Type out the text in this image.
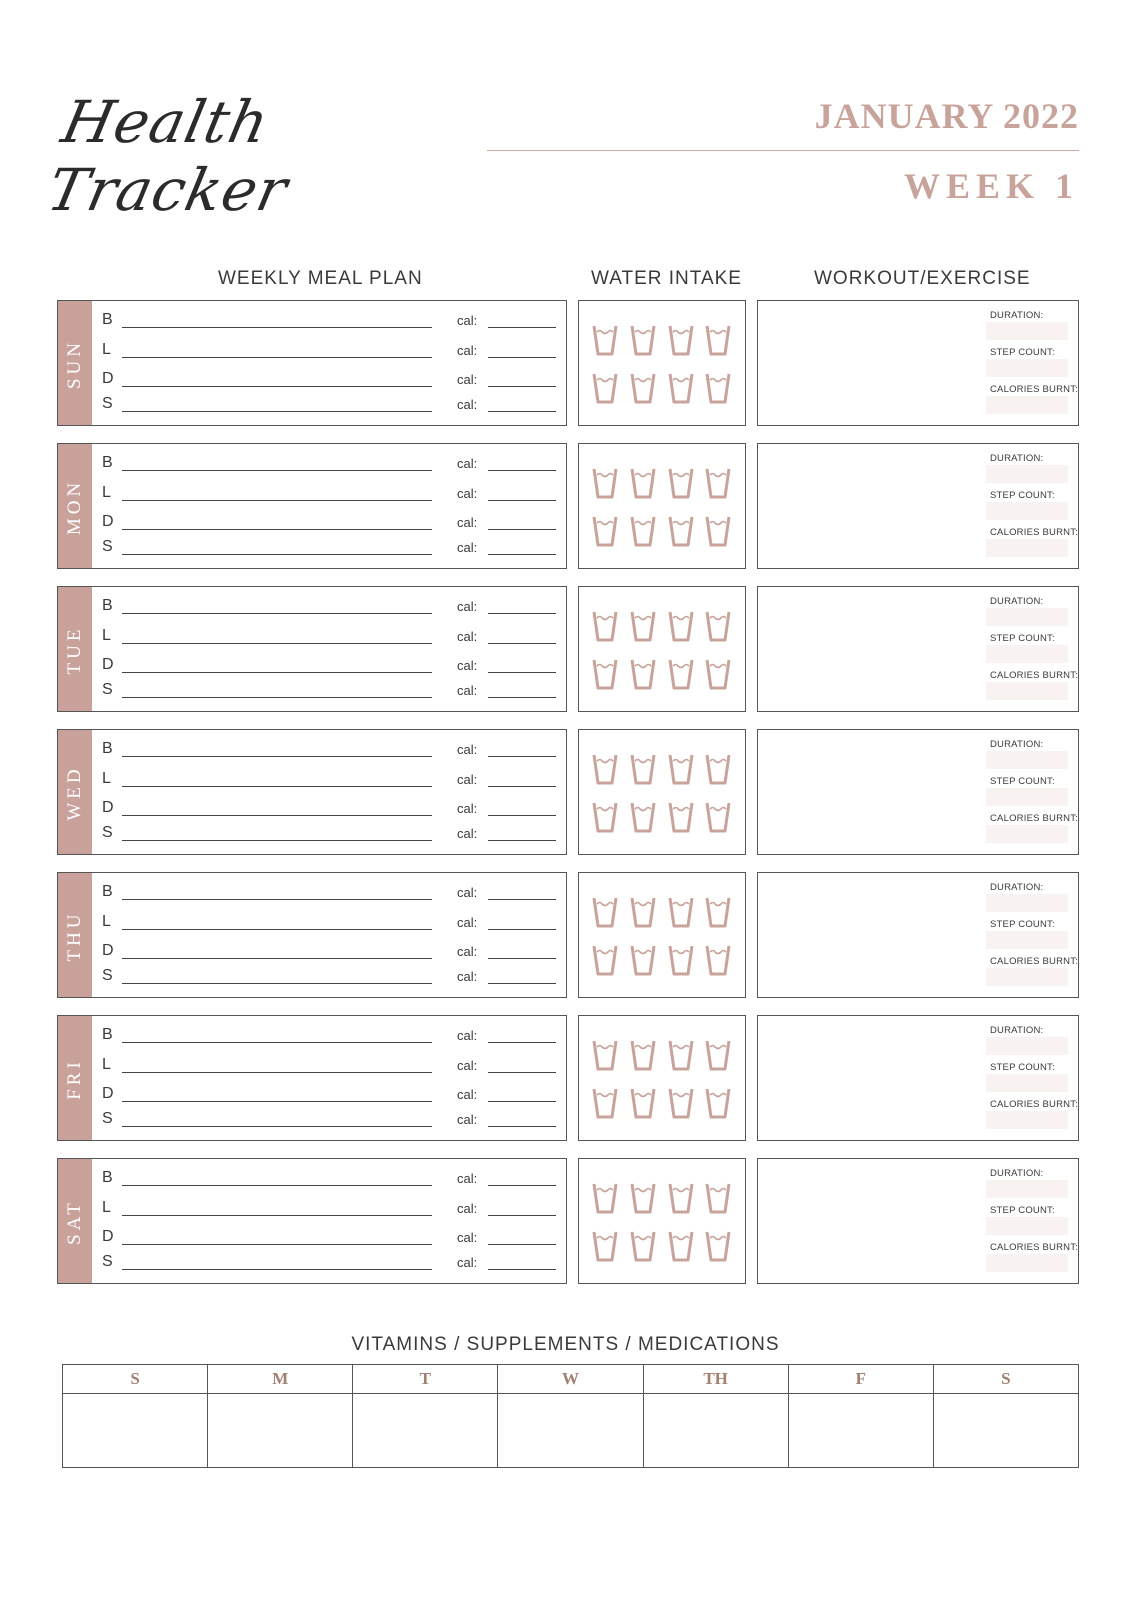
Health Tracker
JANUARY 2022
WEEK 1
WEEKLY MEAL PLAN	WATER INTAKE	WORKOUT/EXERCISE
SUN
B	cal:
L	cal:
D	cal:
S	cal:
DURATION:
STEP COUNT:
CALORIES BURNT:
MON
B	cal:
L	cal:
D	cal:
S	cal:
DURATION:
STEP COUNT:
CALORIES BURNT:
TUE
B	cal:
L	cal:
D	cal:
S	cal:
DURATION:
STEP COUNT:
CALORIES BURNT:
WED
B	cal:
L	cal:
D	cal:
S	cal:
DURATION:
STEP COUNT:
CALORIES BURNT:
THU
B	cal:
L	cal:
D	cal:
S	cal:
DURATION:
STEP COUNT:
CALORIES BURNT:
FRI
B	cal:
L	cal:
D	cal:
S	cal:
DURATION:
STEP COUNT:
CALORIES BURNT:
SAT
B	cal:
L	cal:
D	cal:
S	cal:
DURATION:
STEP COUNT:
CALORIES BURNT:
VITAMINS / SUPPLEMENTS / MEDICATIONS
S	M	T	W	TH	F	S
